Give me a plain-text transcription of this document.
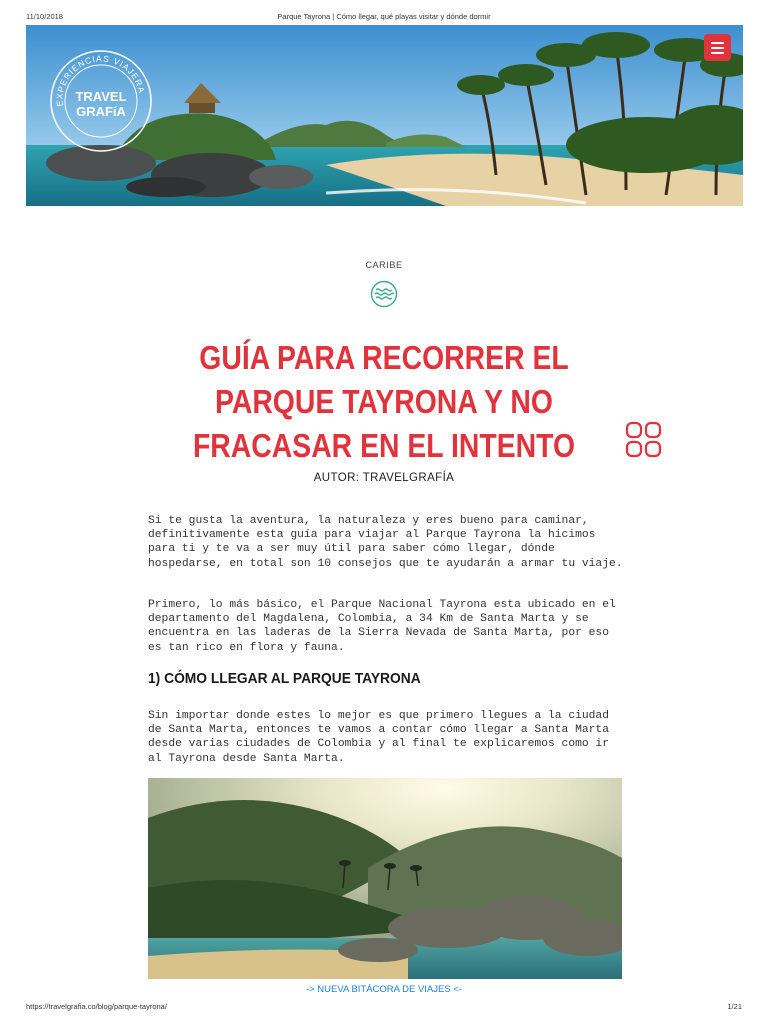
11/10/2018	Parque Tayrona | Cómo llegar, qué playas visitar y dónde dormir
EXPERIENCIAS VIAJERA
TRAVEL
GRAFíA
CARIBE
GUÍA PARA RECORRER EL PARQUE TAYRONA Y NO FRACASAR EN EL INTENTO
AUTOR: TRAVELGRAFÍA

Si te gusta la aventura, la naturaleza y eres bueno para caminar, definitivamente esta guía para viajar al Parque Tayrona la hicimos para ti y te va a ser muy útil para saber cómo llegar, dónde hospedarse, en total son 10 consejos que te ayudarán a armar tu viaje.

Primero, lo más básico, el Parque Nacional Tayrona esta ubicado en el departamento del Magdalena, Colombia, a 34 Km de Santa Marta y se encuentra en las laderas de la Sierra Nevada de Santa Marta, por eso es tan rico en flora y fauna.

1) CÓMO LLEGAR AL PARQUE TAYRONA

Sin importar donde estes lo mejor es que primero llegues a la ciudad de Santa Marta, entonces te vamos a contar cómo llegar a Santa Marta desde varias ciudades de Colombia y al final te explicaremos como ir al Tayrona desde Santa Marta.

-> NUEVA BITÁCORA DE VIAJES <-
https://travelgrafia.co/blog/parque-tayrona/	1/21
